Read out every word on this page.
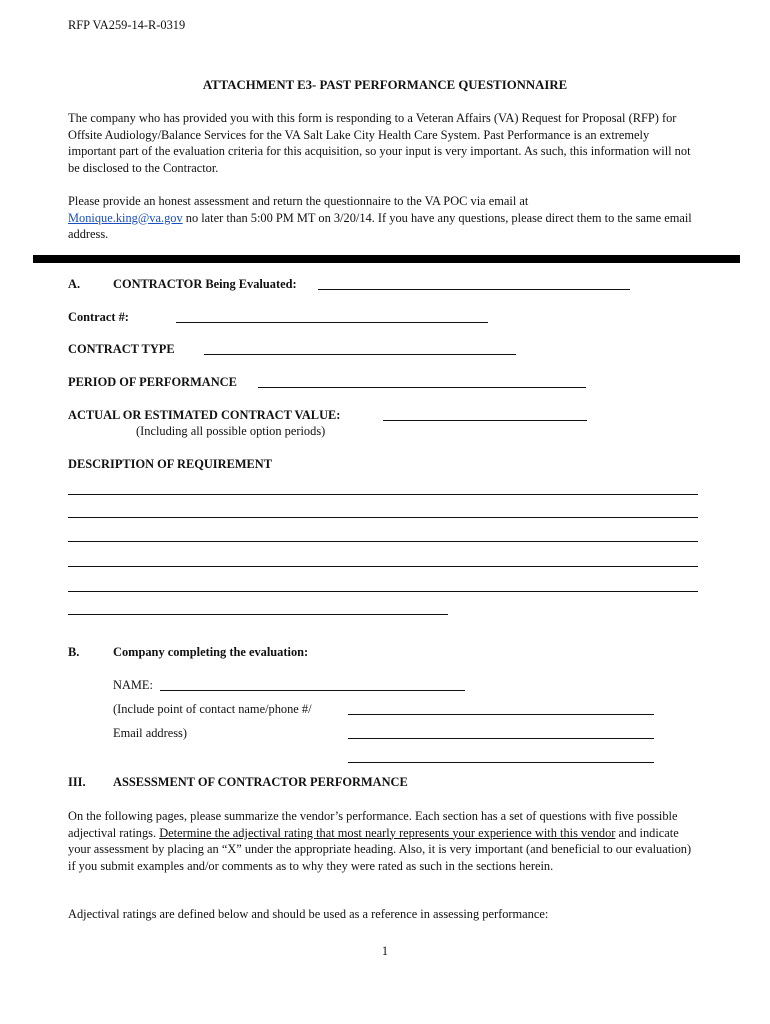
RFP VA259-14-R-0319
ATTACHMENT E3- PAST PERFORMANCE QUESTIONNAIRE
The company who has provided you with this form is responding to a Veteran Affairs (VA) Request for Proposal (RFP) for Offsite Audiology/Balance Services for the VA Salt Lake City Health Care System. Past Performance is an extremely important part of the evaluation criteria for this acquisition, so your input is very important. As such, this information will not be disclosed to the Contractor.
Please provide an honest assessment and return the questionnaire to the VA POC via email at
Monique.king@va.gov no later than 5:00 PM MT on 3/20/14. If you have any questions, please direct them to the same email address.
A.	CONTRACTOR Being Evaluated:
Contract #:
CONTRACT TYPE
PERIOD OF PERFORMANCE
ACTUAL OR ESTIMATED CONTRACT VALUE:
(Including all possible option periods)
DESCRIPTION OF REQUIREMENT
B.	Company completing the evaluation:
NAME:
(Include point of contact name/phone #/
Email address)
III. ASSESSMENT OF CONTRACTOR PERFORMANCE
On the following pages, please summarize the vendor’s performance. Each section has a set of questions with five possible adjectival ratings. Determine the adjectival rating that most nearly represents your experience with this vendor and indicate your assessment by placing an “X” under the appropriate heading. Also, it is very important (and beneficial to our evaluation) if you submit examples and/or comments as to why they were rated as such in the sections herein.
Adjectival ratings are defined below and should be used as a reference in assessing performance:
1
